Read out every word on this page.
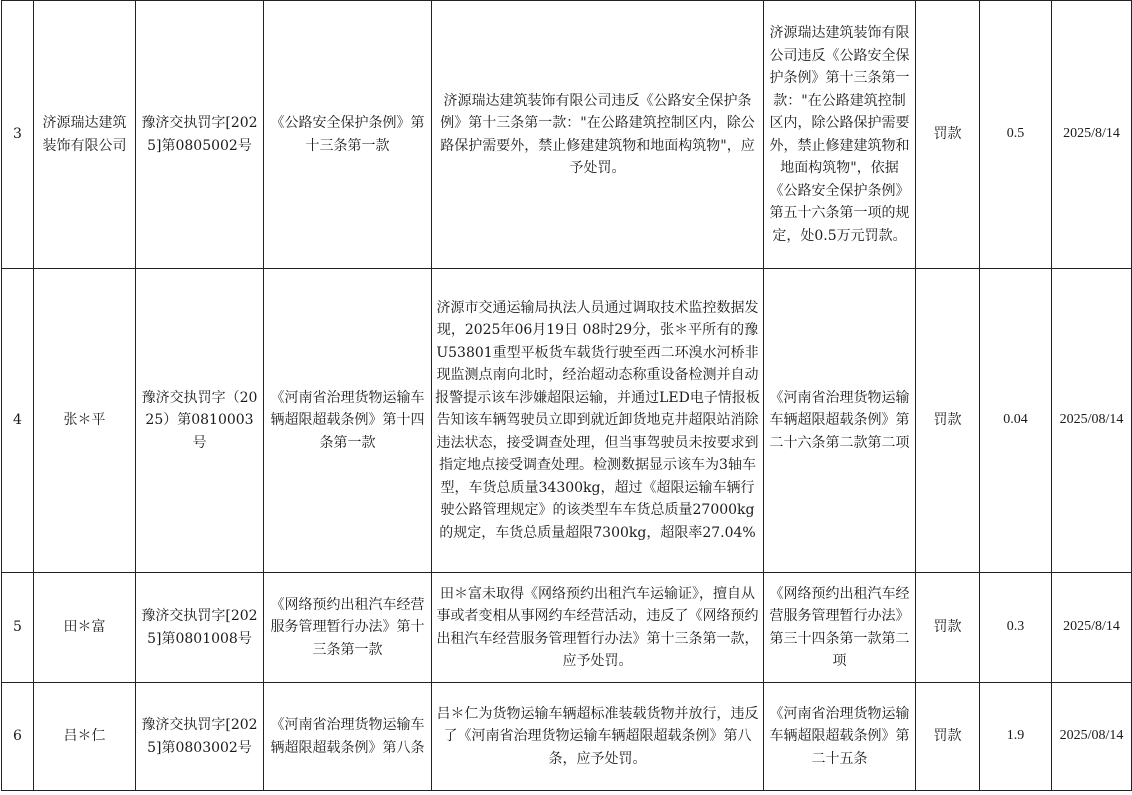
3	济源瑞达建筑装饰有限公司	豫济交执罚字[2025]第0805002号	《公路安全保护条例》第十三条第一款	济源瑞达建筑装饰有限公司违反《公路安全保护条例》第十三条第一款："在公路建筑控制区内，除公路保护需要外，禁止修建建筑物和地面构筑物"，应予处罚。	济源瑞达建筑装饰有限公司违反《公路安全保护条例》第十三条第一款："在公路建筑控制区内，除公路保护需要外，禁止修建建筑物和地面构筑物"，依据《公路安全保护条例》第五十六条第一项的规定，处0.5万元罚款。	罚款	0.5	2025/8/14
4	张＊平	豫济交执罚字（2025）第0810003号	《河南省治理货物运输车辆超限超载条例》第十四条第一款	济源市交通运输局执法人员通过调取技术监控数据发现，2025年06月19日 08时29分，张＊平所有的豫U53801重型平板货车载货行驶至西二环溴水河桥非现监测点南向北时，经治超动态称重设备检测并自动报警提示该车涉嫌超限运输，并通过LED电子情报板告知该车辆驾驶员立即到就近卸货地克井超限站消除违法状态，接受调查处理，但当事驾驶员未按要求到指定地点接受调查处理。检测数据显示该车为3轴车型，车货总质量34300kg，超过《超限运输车辆行驶公路管理规定》的该类型车车货总质量27000kg的规定，车货总质量超限7300kg，超限率27.04%	《河南省治理货物运输车辆超限超载条例》第二十六条第二款第二项	罚款	0.04	2025/08/14
5	田＊富	豫济交执罚字[2025]第0801008号	《网络预约出租汽车经营服务管理暂行办法》第十三条第一款	田＊富未取得《网络预约出租汽车运输证》，擅自从事或者变相从事网约车经营活动，违反了《网络预约出租汽车经营服务管理暂行办法》第十三条第一款，应予处罚。	《网络预约出租汽车经营服务管理暂行办法》第三十四条第一款第二项	罚款	0.3	2025/8/14
6	吕＊仁	豫济交执罚字[2025]第0803002号	《河南省治理货物运输车辆超限超载条例》第八条	吕＊仁为货物运输车辆超标准装载货物并放行，违反了《河南省治理货物运输车辆超限超载条例》第八条，应予处罚。	《河南省治理货物运输车辆超限超载条例》第二十五条	罚款	1.9	2025/08/14
